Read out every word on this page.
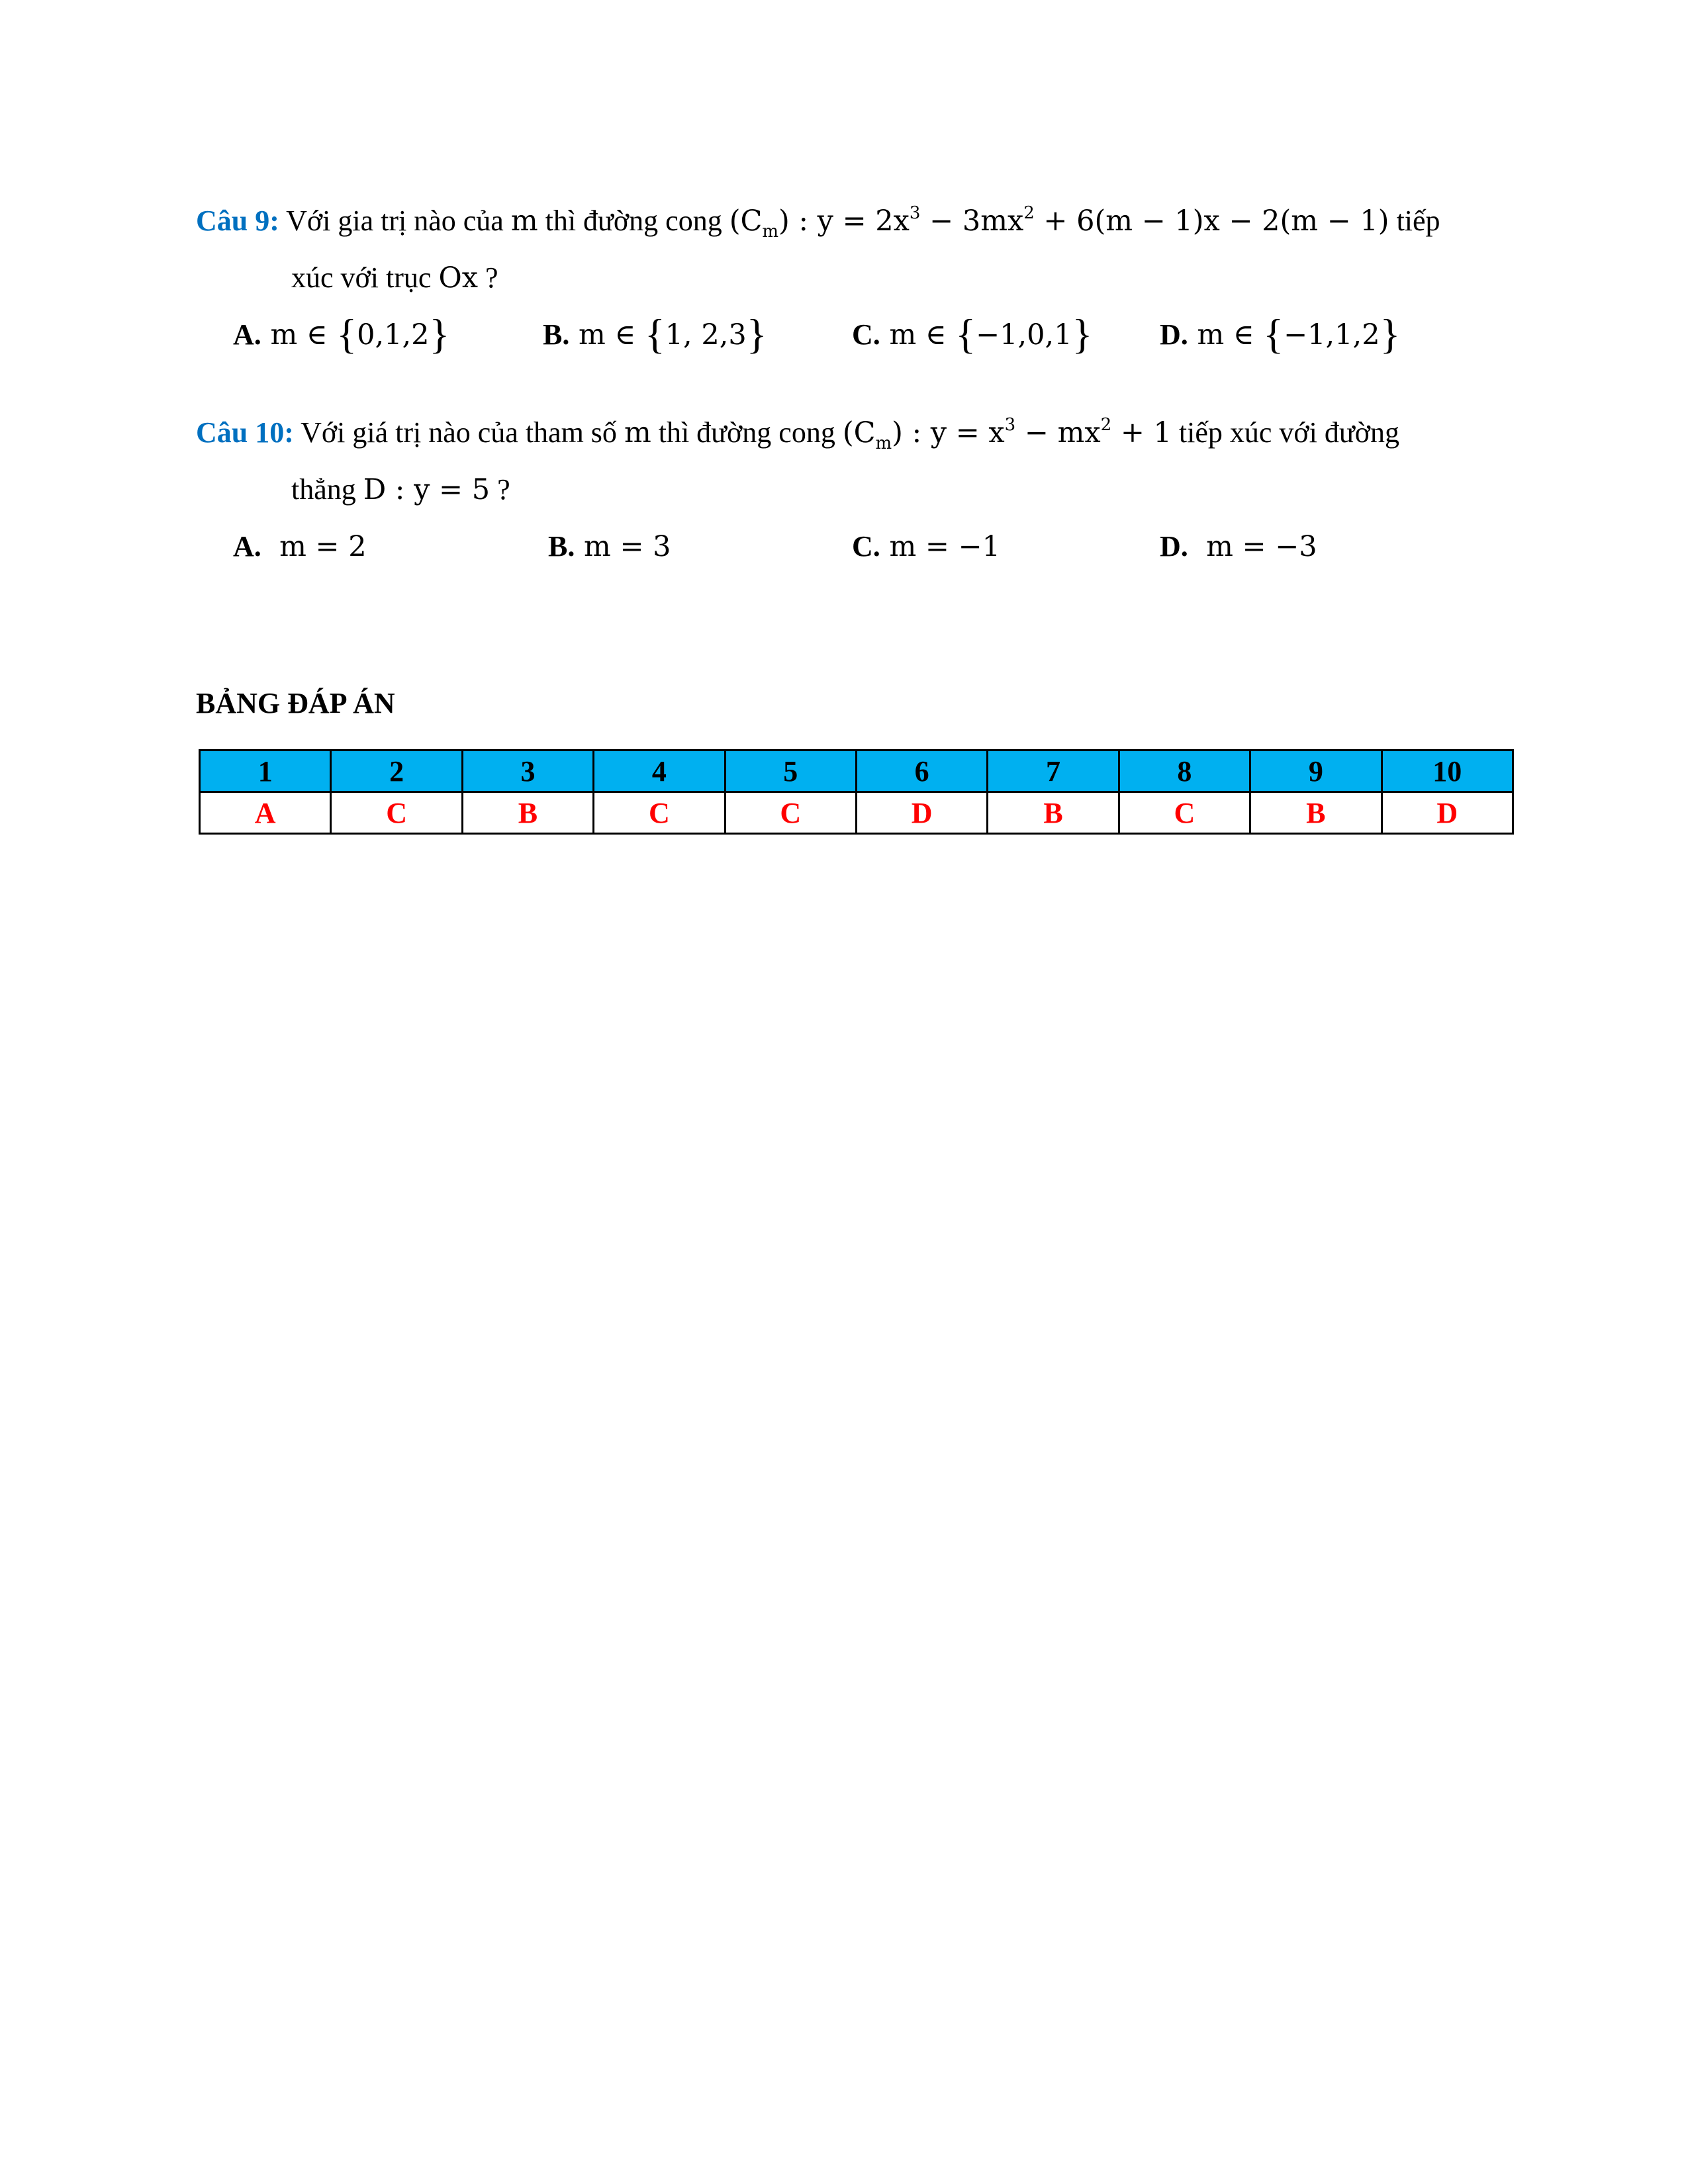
Câu 9: Với gia trị nào của m thì đường cong $(C_m)$ : $y = 2x^3 - 3mx^2 + 6(m - 1)x - 2(m - 1)$ tiếp
xúc với trục Ox ?
A. m ∈ {0,1,2}	B. m ∈ {1, 2,3}	C. m ∈ {−1,0,1} D. m ∈ {−1,1,2}
Câu 10: Với giá trị nào của tham số m thì đường cong $(C_m)$ : $y = x^3 - mx^2 + 1$ tiếp xúc với đường
thẳng D : y = 5 ?
A.  m = 2	B. m = 3	C. m = −1	D.  m = −3
BẢNG ĐÁP ÁN
1	2	3	4	5	6	7	8	9	10
A	C	B	C	C	D	B	C	B	D
